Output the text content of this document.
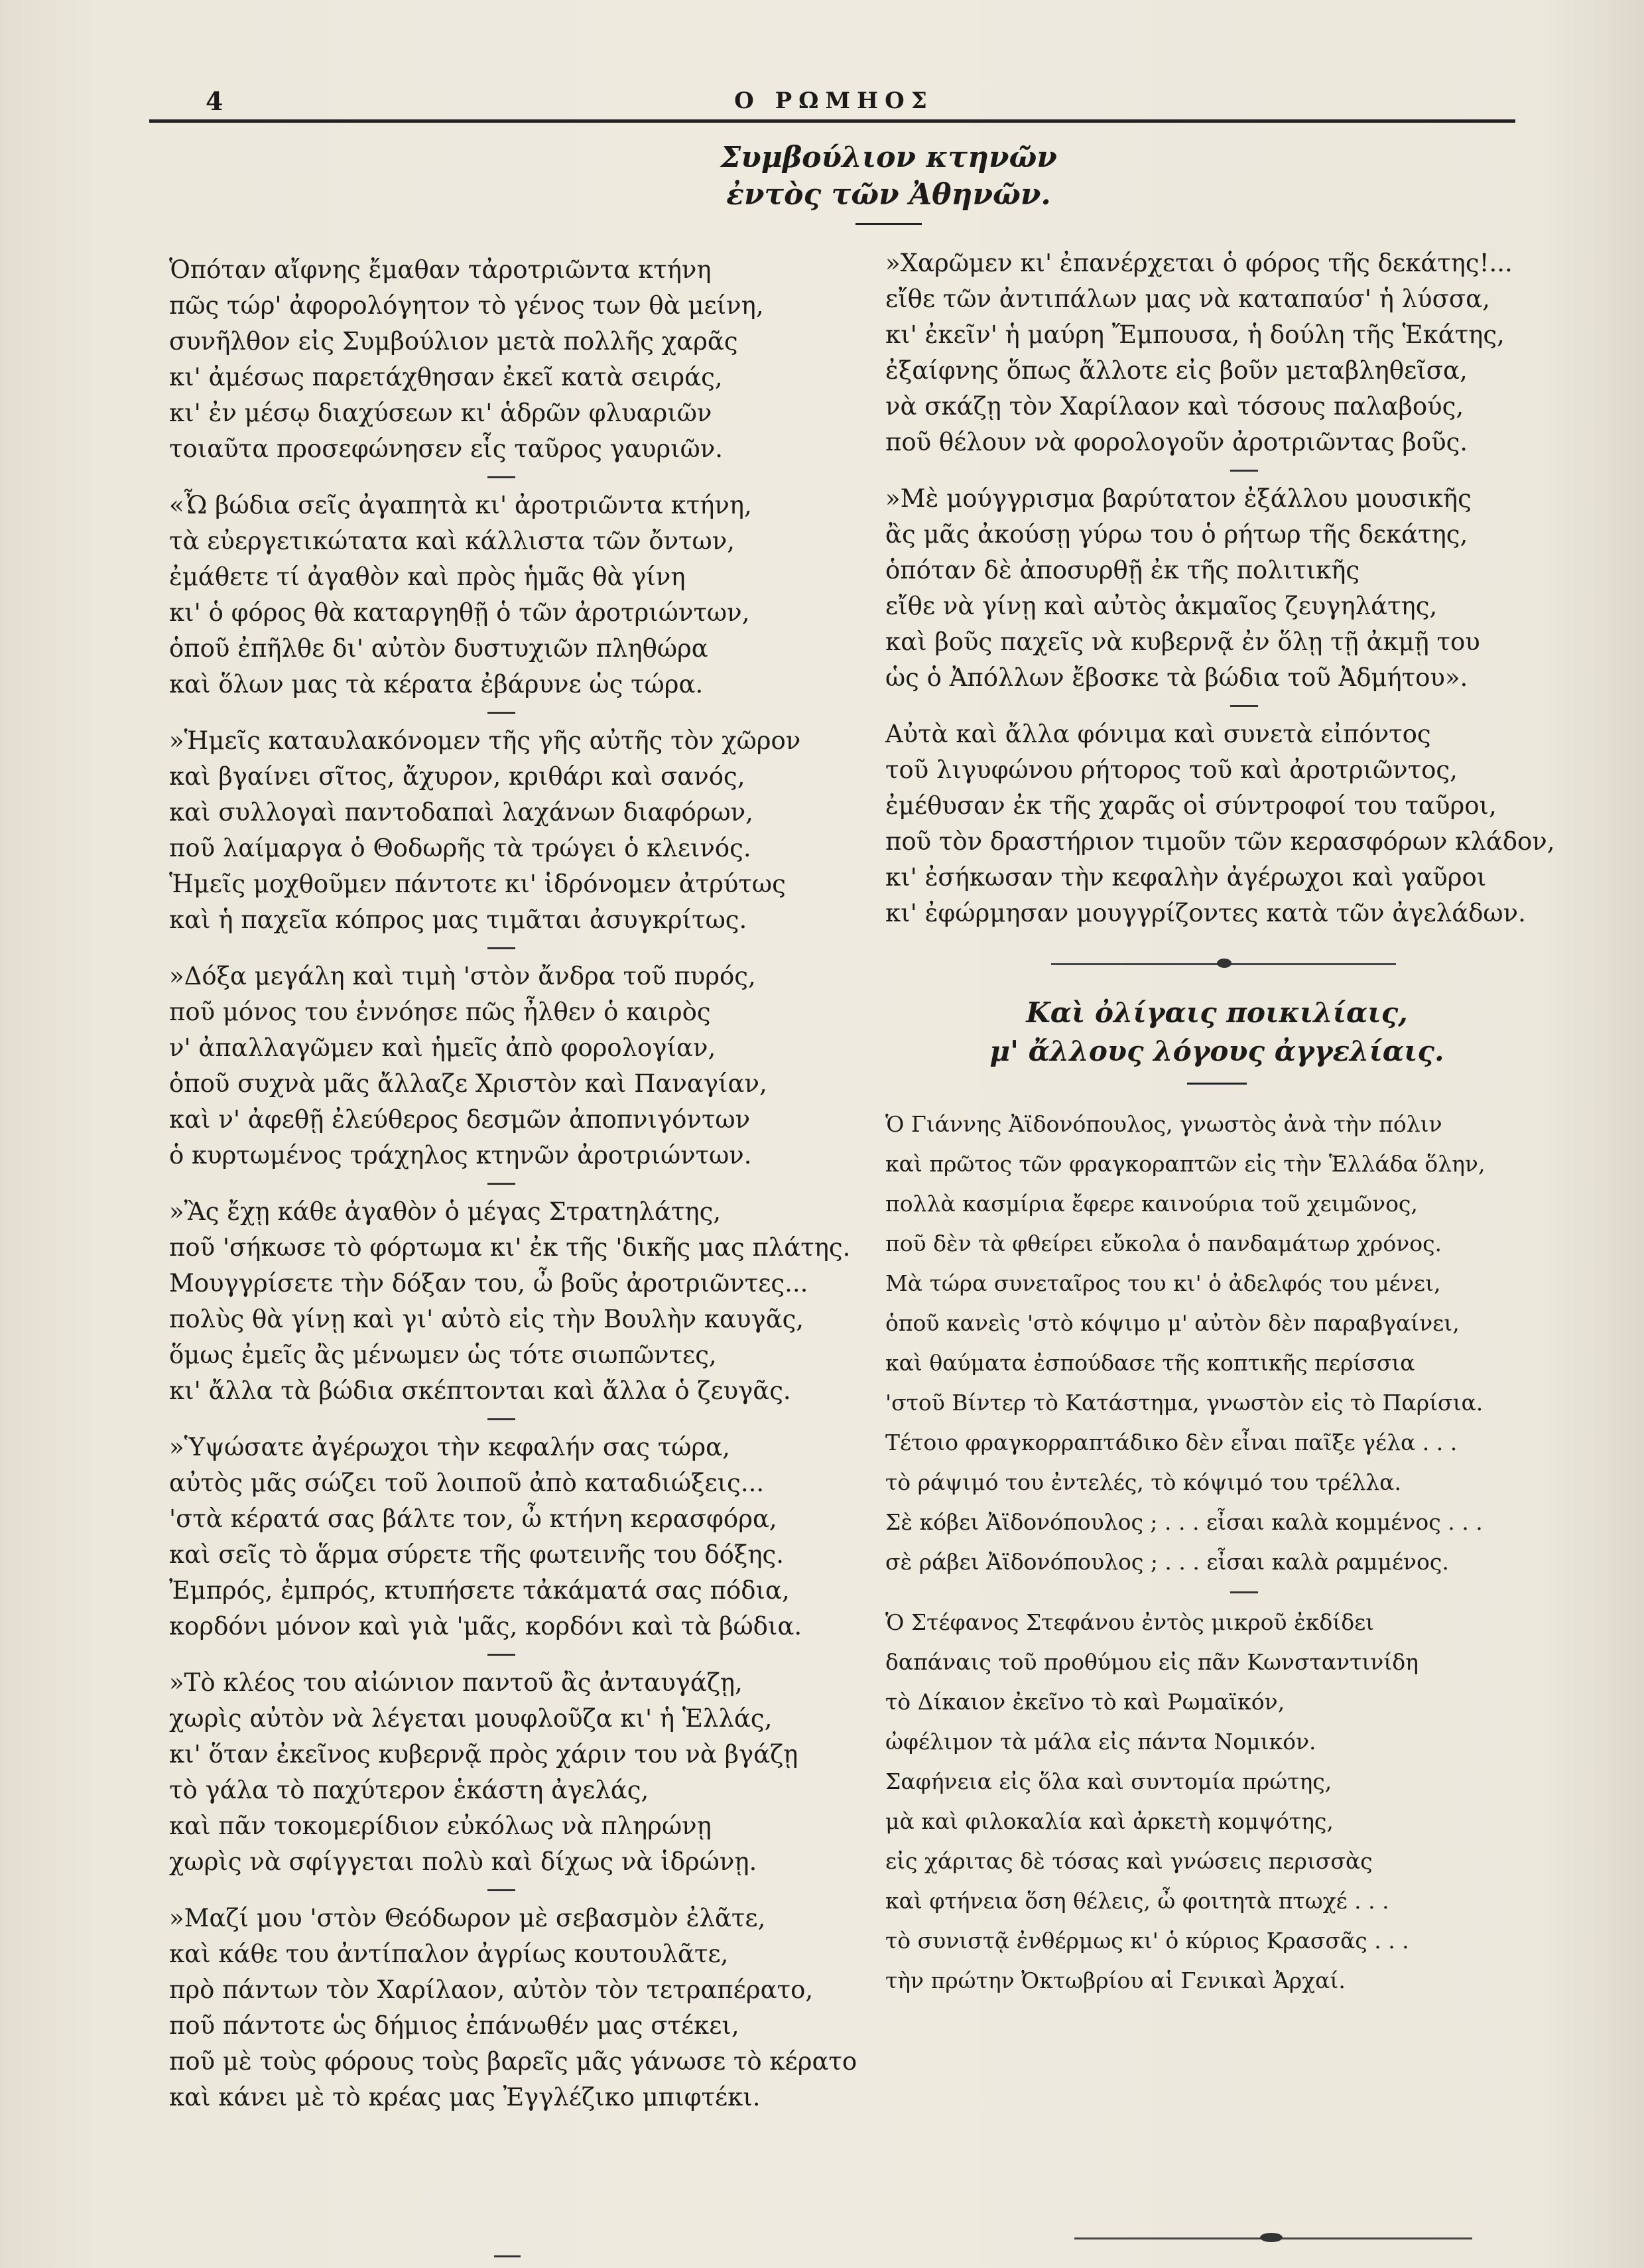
4	Ο ΡΩΜΗΟΣ
Συμβούλιον κτηνῶν
ἐντὸς τῶν Ἀθηνῶν.
Ὁπόταν αἴφνης ἔμαθαν τἀροτριῶντα κτήνη
πῶς τώρ' ἀφορολόγητον τὸ γένος των θὰ μείνη,
συνῆλθον εἰς Συμβούλιον μετὰ πολλῆς χαρᾶς
κι' ἀμέσως παρετάχθησαν ἐκεῖ κατὰ σειράς,
κι' ἐν μέσῳ διαχύσεων κι' ἁδρῶν φλυαριῶν
τοιαῦτα προσεφώνησεν εἷς ταῦρος γαυριῶν.
«Ὦ βώδια σεῖς ἀγαπητὰ κι' ἀροτριῶντα κτήνη,
τὰ εὐεργετικώτατα καὶ κάλλιστα τῶν ὄντων,
ἐμάθετε τί ἀγαθὸν καὶ πρὸς ἡμᾶς θὰ γίνη
κι' ὁ φόρος θὰ καταργηθῇ ὁ τῶν ἀροτριώντων,
ὁποῦ ἐπῆλθε δι' αὐτὸν δυστυχιῶν πληθώρα
καὶ ὅλων μας τὰ κέρατα ἐβάρυνε ὡς τώρα.
»Ἡμεῖς καταυλακόνομεν τῆς γῆς αὐτῆς τὸν χῶρον
καὶ βγαίνει σῖτος, ἄχυρον, κριθάρι καὶ σανός,
καὶ συλλογαὶ παντοδαπαὶ λαχάνων διαφόρων,
ποῦ λαίμαργα ὁ Θοδωρῆς τὰ τρώγει ὁ κλεινός.
Ἡμεῖς μοχθοῦμεν πάντοτε κι' ἱδρόνομεν ἀτρύτως
καὶ ἡ παχεῖα κόπρος μας τιμᾶται ἀσυγκρίτως.
»Δόξα μεγάλη καὶ τιμὴ 'στὸν ἄνδρα τοῦ πυρός,
ποῦ μόνος του ἐννόησε πῶς ἦλθεν ὁ καιρὸς
ν' ἀπαλλαγῶμεν καὶ ἡμεῖς ἀπὸ φορολογίαν,
ὁποῦ συχνὰ μᾶς ἄλλαζε Χριστὸν καὶ Παναγίαν,
καὶ ν' ἀφεθῇ ἐλεύθερος δεσμῶν ἀποπνιγόντων
ὁ κυρτωμένος τράχηλος κτηνῶν ἀροτριώντων.
»Ἂς ἔχῃ κάθε ἀγαθὸν ὁ μέγας Στρατηλάτης,
ποῦ 'σήκωσε τὸ φόρτωμα κι' ἐκ τῆς 'δικῆς μας πλάτης.
Μουγγρίσετε τὴν δόξαν του, ὦ βοῦς ἀροτριῶντες...
πολὺς θὰ γίνῃ καὶ γι' αὐτὸ εἰς τὴν Βουλὴν καυγᾶς,
ὅμως ἐμεῖς ἂς μένωμεν ὡς τότε σιωπῶντες,
κι' ἄλλα τὰ βώδια σκέπτονται καὶ ἄλλα ὁ ζευγᾶς.
»Ὑψώσατε ἀγέρωχοι τὴν κεφαλήν σας τώρα,
αὐτὸς μᾶς σώζει τοῦ λοιποῦ ἀπὸ καταδιώξεις...
'στὰ κέρατά σας βάλτε τον, ὦ κτήνη κερασφόρα,
καὶ σεῖς τὸ ἅρμα σύρετε τῆς φωτεινῆς του δόξης.
Ἐμπρός, ἐμπρός, κτυπήσετε τἀκάματά σας πόδια,
κορδόνι μόνον καὶ γιὰ 'μᾶς, κορδόνι καὶ τὰ βώδια.
»Τὸ κλέος του αἰώνιον παντοῦ ἂς ἀνταυγάζῃ,
χωρὶς αὐτὸν νὰ λέγεται μουφλοῦζα κι' ἡ Ἑλλάς,
κι' ὅταν ἐκεῖνος κυβερνᾷ πρὸς χάριν του νὰ βγάζῃ
τὸ γάλα τὸ παχύτερον ἑκάστη ἀγελάς,
καὶ πᾶν τοκομερίδιον εὐκόλως νὰ πληρώνῃ
χωρὶς νὰ σφίγγεται πολὺ καὶ δίχως νὰ ἱδρώνῃ.
»Μαζί μου 'στὸν Θεόδωρον μὲ σεβασμὸν ἐλᾶτε,
καὶ κάθε του ἀντίπαλον ἀγρίως κουτουλᾶτε,
πρὸ πάντων τὸν Χαρίλαον, αὐτὸν τὸν τετραπέρατο,
ποῦ πάντοτε ὡς δήμιος ἐπάνωθέν μας στέκει,
ποῦ μὲ τοὺς φόρους τοὺς βαρεῖς μᾶς γάνωσε τὸ κέρατο
καὶ κάνει μὲ τὸ κρέας μας Ἐγγλέζικο μπιφτέκι.
»Χαρῶμεν κι' ἐπανέρχεται ὁ φόρος τῆς δεκάτης!...
εἴθε τῶν ἀντιπάλων μας νὰ καταπαύσ' ἡ λύσσα,
κι' ἐκεῖν' ἡ μαύρη Ἔμπουσα, ἡ δούλη τῆς Ἑκάτης,
ἐξαίφνης ὅπως ἄλλοτε εἰς βοῦν μεταβληθεῖσα,
νὰ σκάζῃ τὸν Χαρίλαον καὶ τόσους παλαβούς,
ποῦ θέλουν νὰ φορολογοῦν ἀροτριῶντας βοῦς.
»Μὲ μούγγρισμα βαρύτατον ἐξάλλου μουσικῆς
ἂς μᾶς ἀκούσῃ γύρω του ὁ ρήτωρ τῆς δεκάτης,
ὁπόταν δὲ ἀποσυρθῇ ἐκ τῆς πολιτικῆς
εἴθε νὰ γίνῃ καὶ αὐτὸς ἀκμαῖος ζευγηλάτης,
καὶ βοῦς παχεῖς νὰ κυβερνᾷ ἐν ὅλῃ τῇ ἀκμῇ του
ὡς ὁ Ἀπόλλων ἔβοσκε τὰ βώδια τοῦ Ἀδμήτου».
Αὐτὰ καὶ ἄλλα φόνιμα καὶ συνετὰ εἰπόντος
τοῦ λιγυφώνου ρήτορος τοῦ καὶ ἀροτριῶντος,
ἐμέθυσαν ἐκ τῆς χαρᾶς οἱ σύντροφοί του ταῦροι,
ποῦ τὸν δραστήριον τιμοῦν τῶν κερασφόρων κλάδον,
κι' ἐσήκωσαν τὴν κεφαλὴν ἀγέρωχοι καὶ γαῦροι
κι' ἐφώρμησαν μουγγρίζοντες κατὰ τῶν ἀγελάδων.
Καὶ ὀλίγαις ποικιλίαις,
μ' ἄλλους λόγους ἀγγελίαις.
Ὁ Γιάννης Ἀϊδονόπουλος, γνωστὸς ἀνὰ τὴν πόλιν
καὶ πρῶτος τῶν φραγκοραπτῶν εἰς τὴν Ἑλλάδα ὅλην,
πολλὰ κασμίρια ἔφερε καινούρια τοῦ χειμῶνος,
ποῦ δὲν τὰ φθείρει εὔκολα ὁ πανδαμάτωρ χρόνος.
Μὰ τώρα συνεταῖρος του κι' ὁ ἀδελφός του μένει,
ὁποῦ κανεὶς 'στὸ κόψιμο μ' αὐτὸν δὲν παραβγαίνει,
καὶ θαύματα ἐσπούδασε τῆς κοπτικῆς περίσσια
'στοῦ Βίντερ τὸ Κατάστημα, γνωστὸν εἰς τὸ Παρίσια.
Τέτοιο φραγκορραπτάδικο δὲν εἶναι παῖξε γέλα . . .
τὸ ράψιμό του ἐντελές, τὸ κόψιμό του τρέλλα.
Σὲ κόβει Ἀϊδονόπουλος ; . . . εἶσαι καλὰ κομμένος . . .
σὲ ράβει Ἀϊδονόπουλος ; . . . εἶσαι καλὰ ραμμένος.
Ὁ Στέφανος Στεφάνου ἐντὸς μικροῦ ἐκδίδει
δαπάναις τοῦ προθύμου εἰς πᾶν Κωνσταντινίδη
τὸ Δίκαιον ἐκεῖνο τὸ καὶ Ρωμαϊκόν,
ὠφέλιμον τὰ μάλα εἰς πάντα Νομικόν.
Σαφήνεια εἰς ὅλα καὶ συντομία πρώτης,
μὰ καὶ φιλοκαλία καὶ ἀρκετὴ κομψότης,
εἰς χάριτας δὲ τόσας καὶ γνώσεις περισσὰς
καὶ φτήνεια ὅση θέλεις, ὦ φοιτητὰ πτωχέ . . .
τὸ συνιστᾷ ἐνθέρμως κι' ὁ κύριος Κρασσᾶς . . .
τὴν πρώτην Ὀκτωβρίου αἱ Γενικαὶ Ἀρχαί.
